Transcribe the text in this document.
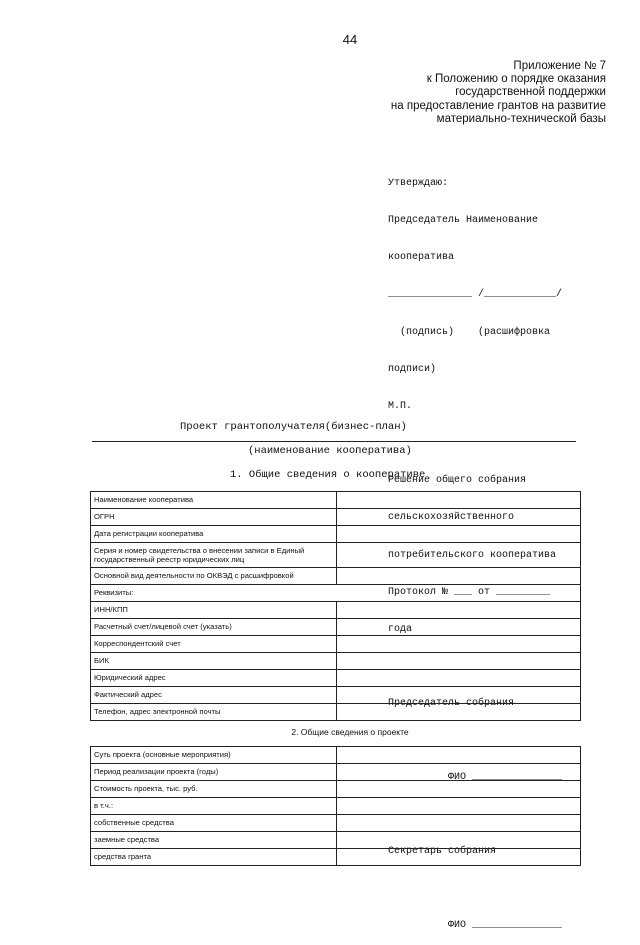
44
Приложение № 7
к Положению о порядке оказания
государственной поддержки
на предоставление грантов на развитие
материально-технической базы

Утверждаю:

Председатель Наименование

кооператива

______________ /____________/

(подпись)    (расшифровка

подписи)

М.П.

Решение общего собрания

сельскохозяйственного

потребительского кооператива

Протокол № ___ от _________

года

Председатель собрания

ФИО _______________

Секретарь собрания

ФИО _______________

Проект грантополучателя(бизнес-план)
(наименование кооператива)
1. Общие сведения о кооперативе
Наименование кооператива	
ОГРН	
Дата регистрации кооператива	
Серия и номер свидетельства о внесении записи в Единый государственный реестр юридических лиц	
Основной вид деятельности по ОКВЭД с расшифровкой	
Реквизиты:	
ИНН/КПП	
Расчетный счет/лицевой счет (указать)	
Корреспондентский счет	
БИК	
Юридический адрес	
Фактический адрес	
Телефон, адрес электронной почты	
2. Общие сведения о проекте
Суть проекта (основные мероприятия)	
Период реализации проекта (годы)	
Стоимость проекта, тыс. руб.	
в т.ч.:	
собственные средства	
заемные средства	
средства гранта	
